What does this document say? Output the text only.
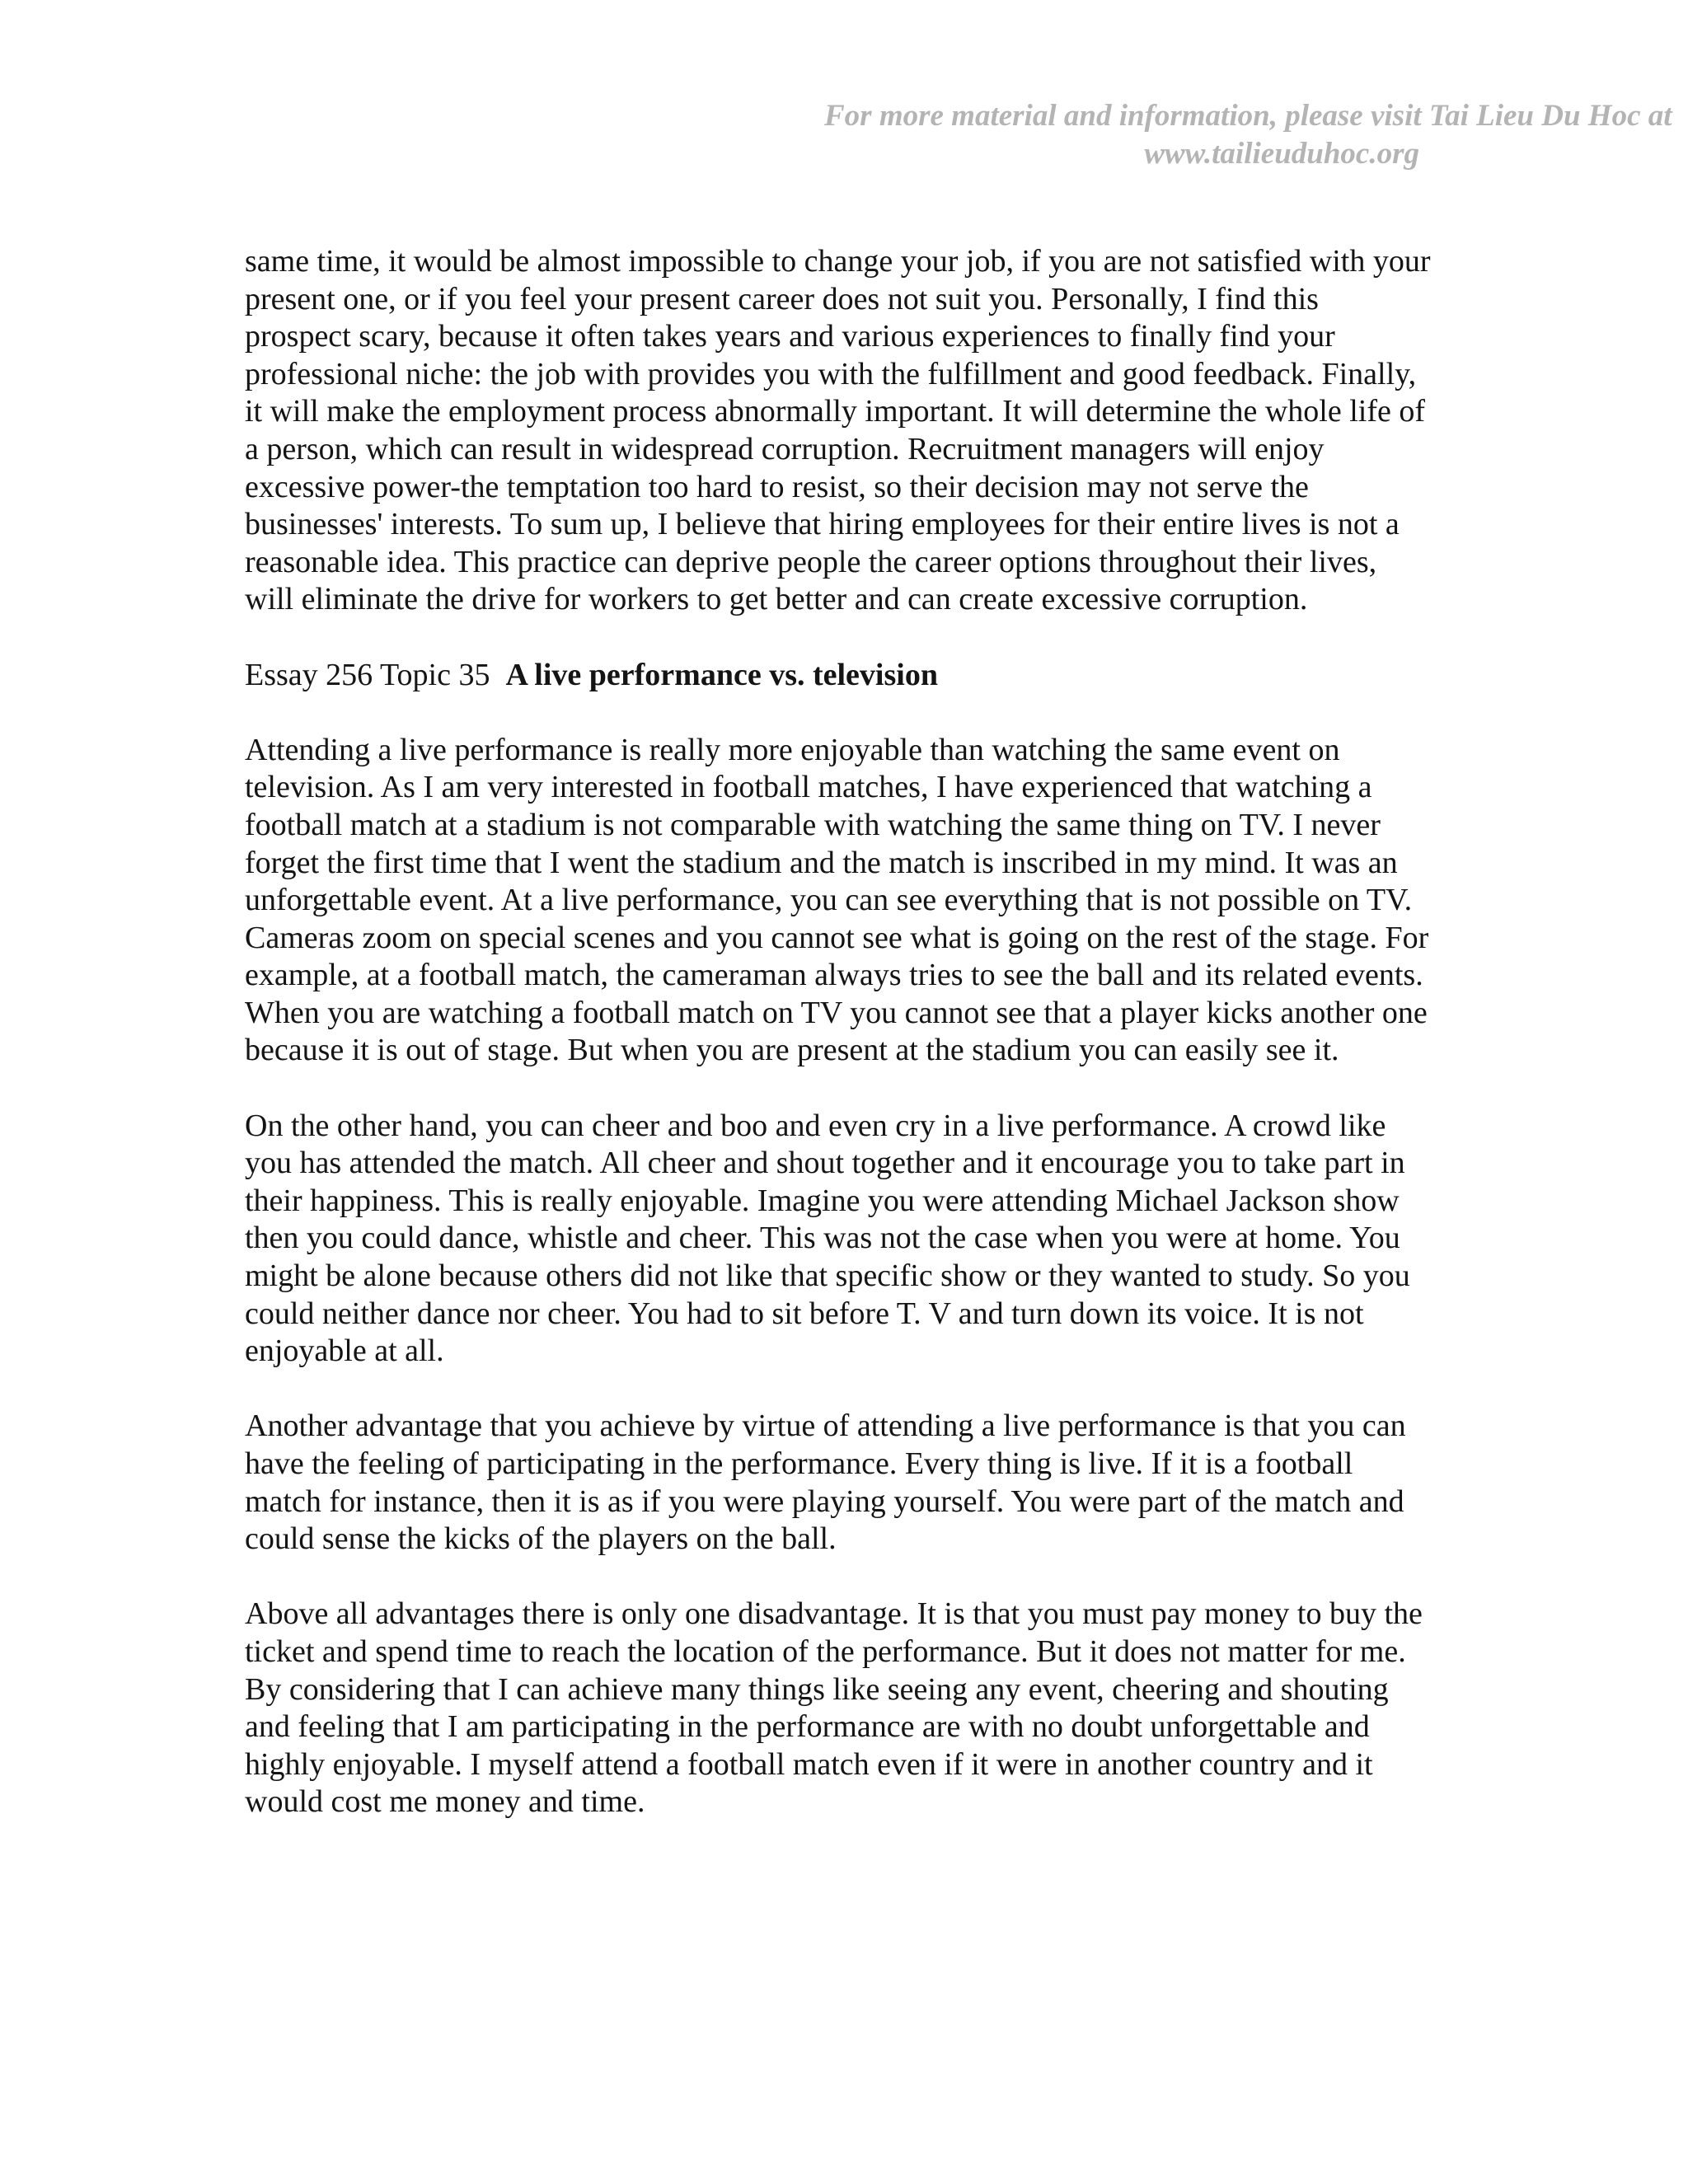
For more material and information, please visit Tai Lieu Du Hoc at
www.tailieuduhoc.org

same time, it would be almost impossible to change your job, if you are not satisfied with your present one, or if you feel your present career does not suit you. Personally, I find this prospect scary, because it often takes years and various experiences to finally find your professional niche: the job with provides you with the fulfillment and good feedback. Finally, it will make the employment process abnormally important. It will determine the whole life of a person, which can result in widespread corruption. Recruitment managers will enjoy excessive power-the temptation too hard to resist, so their decision may not serve the businesses' interests. To sum up, I believe that hiring employees for their entire lives is not a reasonable idea. This practice can deprive people the career options throughout their lives, will eliminate the drive for workers to get better and can create excessive corruption.

Essay 256 Topic 35 A live performance vs. television

Attending a live performance is really more enjoyable than watching the same event on television. As I am very interested in football matches, I have experienced that watching a football match at a stadium is not comparable with watching the same thing on TV. I never forget the first time that I went the stadium and the match is inscribed in my mind. It was an unforgettable event. At a live performance, you can see everything that is not possible on TV. Cameras zoom on special scenes and you cannot see what is going on the rest of the stage. For example, at a football match, the cameraman always tries to see the ball and its related events. When you are watching a football match on TV you cannot see that a player kicks another one because it is out of stage. But when you are present at the stadium you can easily see it.

On the other hand, you can cheer and boo and even cry in a live performance. A crowd like you has attended the match. All cheer and shout together and it encourage you to take part in their happiness. This is really enjoyable. Imagine you were attending Michael Jackson show then you could dance, whistle and cheer. This was not the case when you were at home. You might be alone because others did not like that specific show or they wanted to study. So you could neither dance nor cheer. You had to sit before T. V and turn down its voice. It is not enjoyable at all.

Another advantage that you achieve by virtue of attending a live performance is that you can have the feeling of participating in the performance. Every thing is live. If it is a football match for instance, then it is as if you were playing yourself. You were part of the match and could sense the kicks of the players on the ball.

Above all advantages there is only one disadvantage. It is that you must pay money to buy the ticket and spend time to reach the location of the performance. But it does not matter for me. By considering that I can achieve many things like seeing any event, cheering and shouting and feeling that I am participating in the performance are with no doubt unforgettable and highly enjoyable. I myself attend a football match even if it were in another country and it would cost me money and time.
